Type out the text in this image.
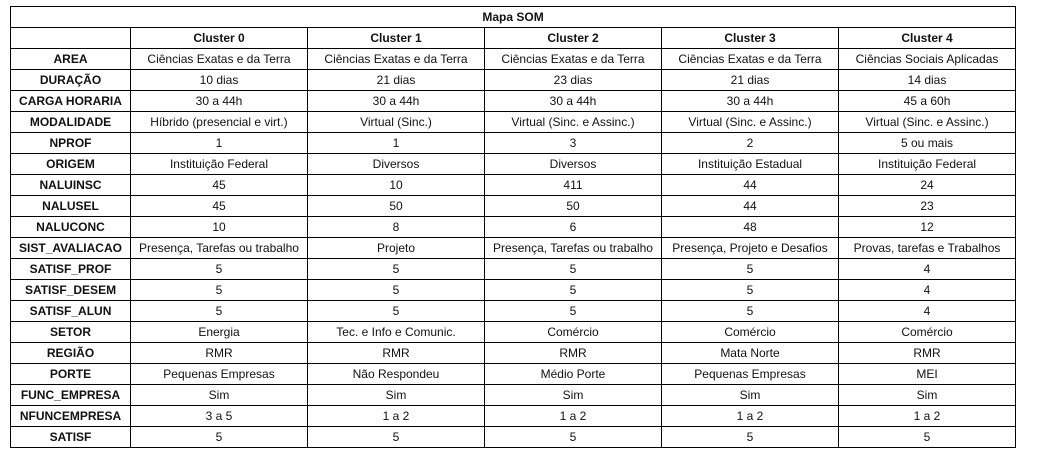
Mapa SOM					
	Cluster 0	Cluster 1	Cluster 2	Cluster 3	Cluster 4
AREA	Ciências Exatas e da Terra	Ciências Exatas e da Terra	Ciências Exatas e da Terra	Ciências Exatas e da Terra	Ciências Sociais Aplicadas
DURAÇÃO	10 dias	21 dias	23 dias	21 dias	14 dias
CARGA HORARIA	30 a 44h	30 a 44h	30 a 44h	30 a 44h	45 a 60h
MODALIDADE	Híbrido (presencial e virt.)	Virtual (Sinc.)	Virtual (Sinc. e Assinc.)	Virtual (Sinc. e Assinc.)	Virtual (Sinc. e Assinc.)
NPROF	1	1	3	2	5 ou mais
ORIGEM	Instituição Federal	Diversos	Diversos	Instituição Estadual	Instituição Federal
NALUINSC	45	10	411	44	24
NALUSEL	45	50	50	44	23
NALUCONC	10	8	6	48	12
SIST_AVALIACAO	Presença, Tarefas ou trabalho	Projeto	Presença, Tarefas ou trabalho	Presença, Projeto e Desafios	Provas, tarefas e Trabalhos
SATISF_PROF	5	5	5	5	4
SATISF_DESEM	5	5	5	5	4
SATISF_ALUN	5	5	5	5	4
SETOR	Energia	Tec. e Info e Comunic.	Comércio	Comércio	Comércio
REGIÃO	RMR	RMR	RMR	Mata Norte	RMR
PORTE	Pequenas Empresas	Não Respondeu	Médio Porte	Pequenas Empresas	MEI
FUNC_EMPRESA	Sim	Sim	Sim	Sim	Sim
NFUNCEMPRESA	3 a 5	1 a 2	1 a 2	1 a 2	1 a 2
SATISF	5	5	5	5	5
